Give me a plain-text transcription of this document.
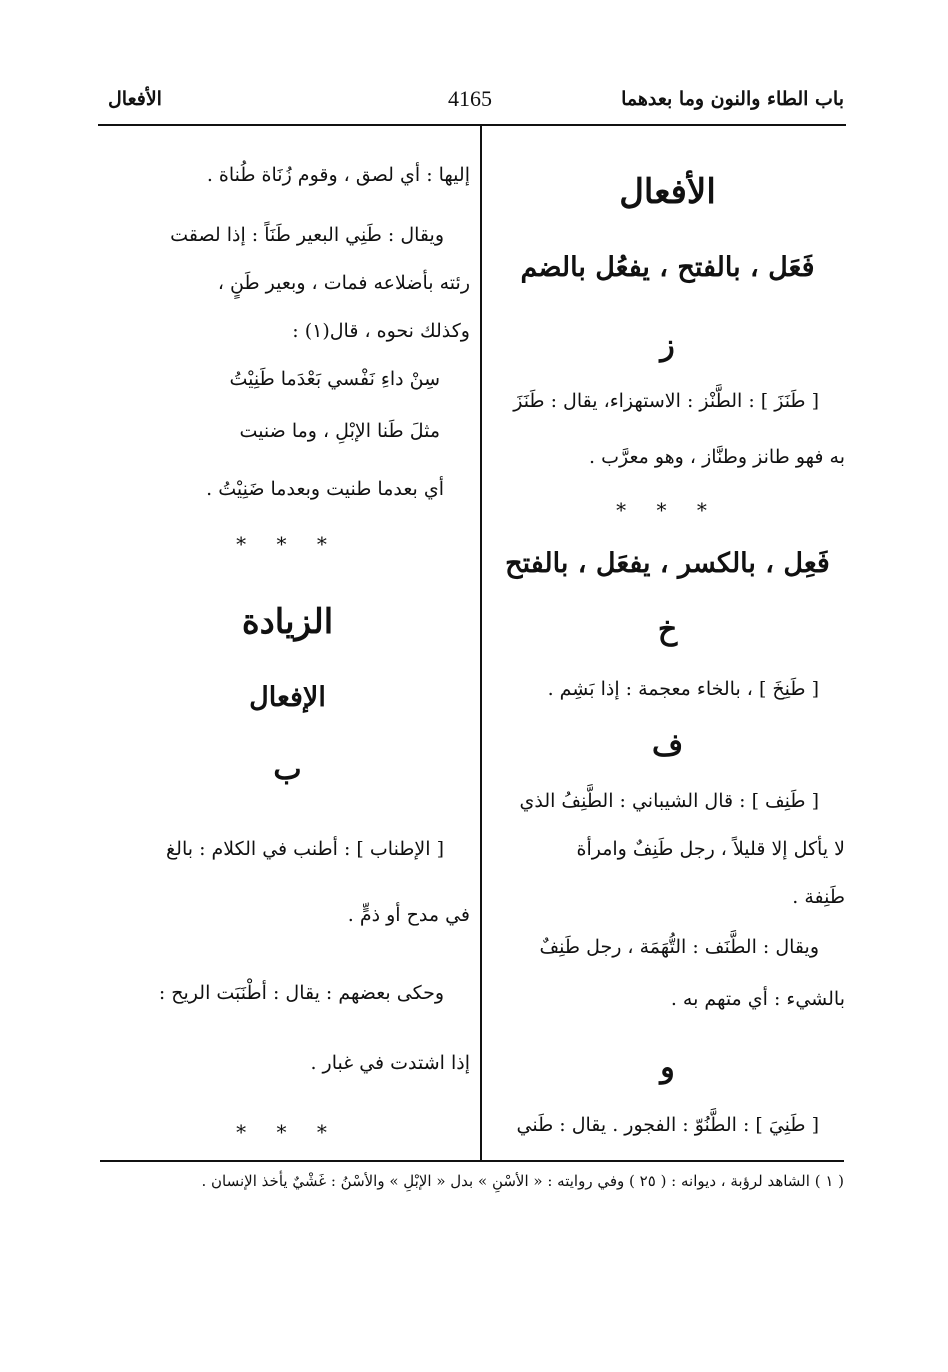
باب الطاء والنون وما بعدهما
4165
الأفعال
الأفعال
فَعَل ، بالفتح ، يفعُل بالضم
ز
[ طَنَزَ ] : الطَّنْز : الاستهزاء، يقال : طَنَزَ
به فهو طانز وطنَّاز ، وهو معرَّب .
* * *
فَعِل ، بالكسر ، يفعَل ، بالفتح
خ
[ طَنِخَ ] ، بالخاء معجمة : إذا بَشِم .
ف
[ طَنِف ] : قال الشيباني : الطَّنِفُ الذي
لا يأكل إلا قليلاً ، رجل طَنِفٌ وامرأة
طَنِفة .
ويقال : الطَّنَف : التُّهَمَة ، رجل طَنِفٌ
بالشيء : أي متهم به .
و
[ طَنِيَ ] : الطَّنُوّ : الفجور . يقال : طَني
إليها : أي لصق ، وقوم زُنَاة طُناة .
ويقال : طَنِي البعير طَنَاً : إذا لصقت
رئته بأضلاعه فمات ، وبعير طَنٍ ،
وكذلك نحوه ، قال(١) :
سِنْ داءِ نَفْسي بَعْدَما طَنِيْتُ
مثلَ طَنا الإبْلِ ، وما ضنيت
أي بعدما طنيت وبعدما ضَنِيْتُ .
* * *
الزيادة
الإفعال
ب
[ الإطناب ] : أطنب في الكلام : بالغ
في مدح أو ذمٍّ .
وحكى بعضهم : يقال : أطْنَبَت الريح :
إذا اشتدت في غبار .
* * *
( ١ ) الشاهد لرؤبة ، ديوانه : ( ٢٥ ) وفي روايته : « الأسْنِ » بدل « الإبْلِ » والأسْنُ : غَشْيٌ يأخذ الإنسان .
